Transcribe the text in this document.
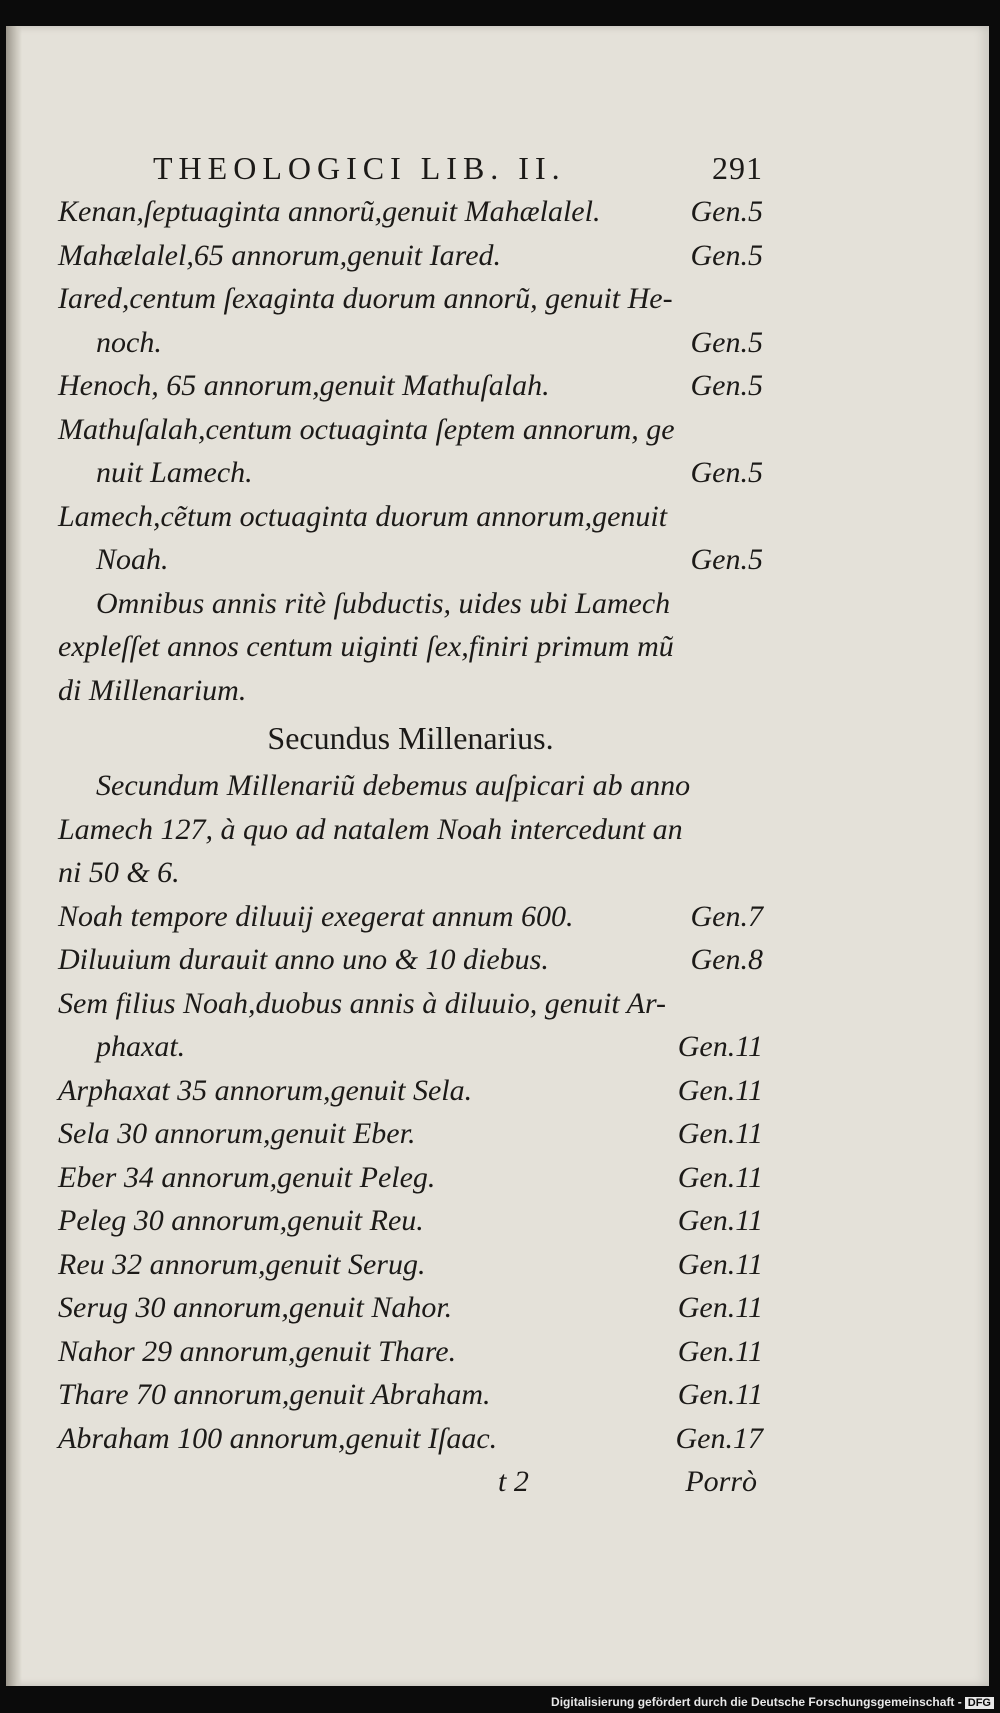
THEOLOGICI LIB. II.	291
Kenan,ſeptuaginta annorũ,genuit Mahælalel.	Gen.5
Mahælalel,65 annorum,genuit Iared.	Gen.5
Iared,centum ſexaginta duorum annorũ, genuit He-
noch.	Gen.5
Henoch, 65 annorum,genuit Mathuſalah.	Gen.5
Mathuſalah,centum octuaginta ſeptem annorum, ge
nuit Lamech.	Gen.5
Lamech,cẽtum octuaginta duorum annorum,genuit
Noah.	Gen.5
Omnibus annis ritè ſubductis, uides ubi Lamech
expleſſet annos centum uiginti ſex,finiri primum mũ
di Millenarium.
Secundus Millenarius.
Secundum Millenariũ debemus auſpicari ab anno
Lamech 127, à quo ad natalem Noah intercedunt an
ni 50 & 6.
Noah tempore diluuij exegerat annum 600.	Gen.7
Diluuium durauit anno uno & 10 diebus.	Gen.8
Sem filius Noah,duobus annis à diluuio, genuit Ar-
phaxat.	Gen.11
Arphaxat 35 annorum,genuit Sela.	Gen.11
Sela 30 annorum,genuit Eber.	Gen.11
Eber 34 annorum,genuit Peleg.	Gen.11
Peleg 30 annorum,genuit Reu.	Gen.11
Reu 32 annorum,genuit Serug.	Gen.11
Serug 30 annorum,genuit Nahor.	Gen.11
Nahor 29 annorum,genuit Thare.	Gen.11
Thare 70 annorum,genuit Abraham.	Gen.11
Abraham 100 annorum,genuit Iſaac.	Gen.17
t 2	Porrò
Digitalisierung gefördert durch die Deutsche Forschungsgemeinschaft - DFG
